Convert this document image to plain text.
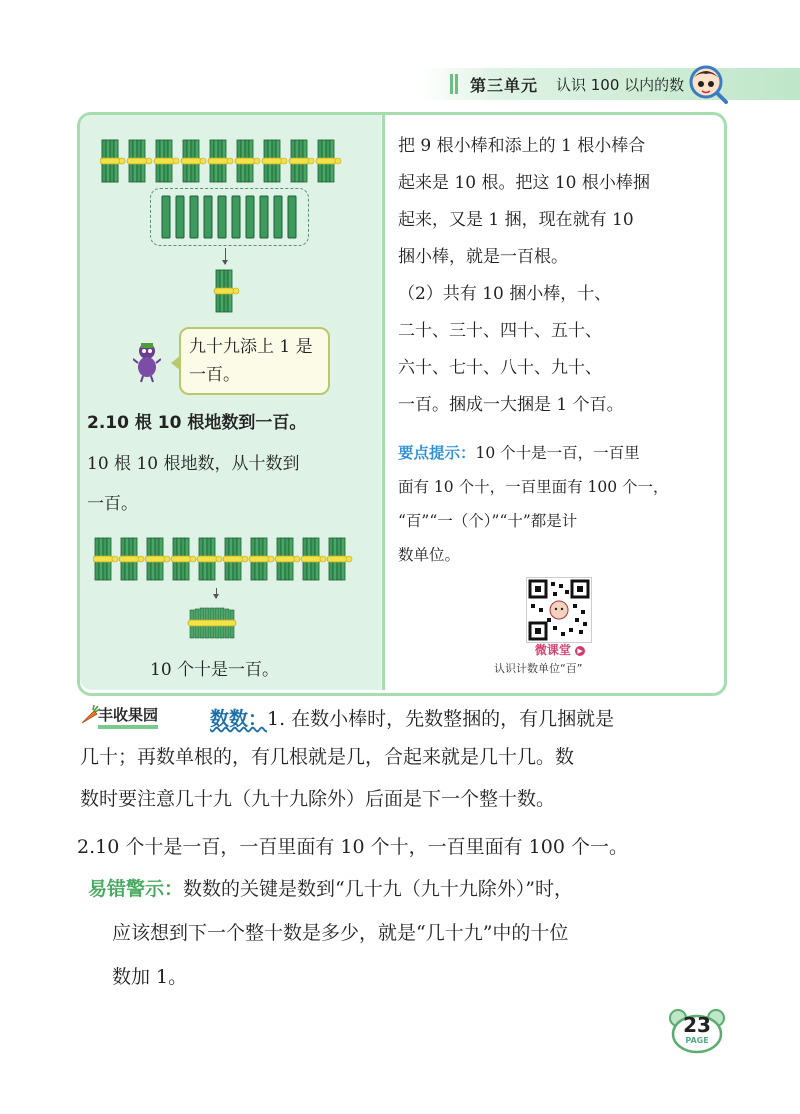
第三单元 认识 100 以内的数
九十九添上 1 是一百。
2.10 根 10 根地数到一百。
10 根 10 根地数，从十数到
一百。
10 个十是一百。
把 9 根小棒和添上的 1 根小棒合
起来是 10 根。把这 10 根小棒捆
起来，又是 1 捆，现在就有 10
捆小棒，就是一百根。
（2）共有 10 捆小棒，十、
二十、三十、四十、五十、
六十、七十、八十、九十、
一百。捆成一大捆是 1 个百。
要点提示：10 个十是一百，一百里
面有 10 个十，一百里面有 100 个一，
“百”“一（个）”“十”都是计
数单位。
微课堂 ▶
认识计数单位“百”
丰收果园	数数：1. 在数小棒时，先数整捆的，有几捆就是
几十；再数单根的，有几根就是几，合起来就是几十几。数
数时要注意几十九（九十九除外）后面是下一个整十数。
2.10 个十是一百，一百里面有 10 个十，一百里面有 100 个一。
易错警示：数数的关键是数到“几十九（九十九除外）”时，
应该想到下一个整十数是多少，就是“几十九”中的十位
数加 1。
23
PAGE
